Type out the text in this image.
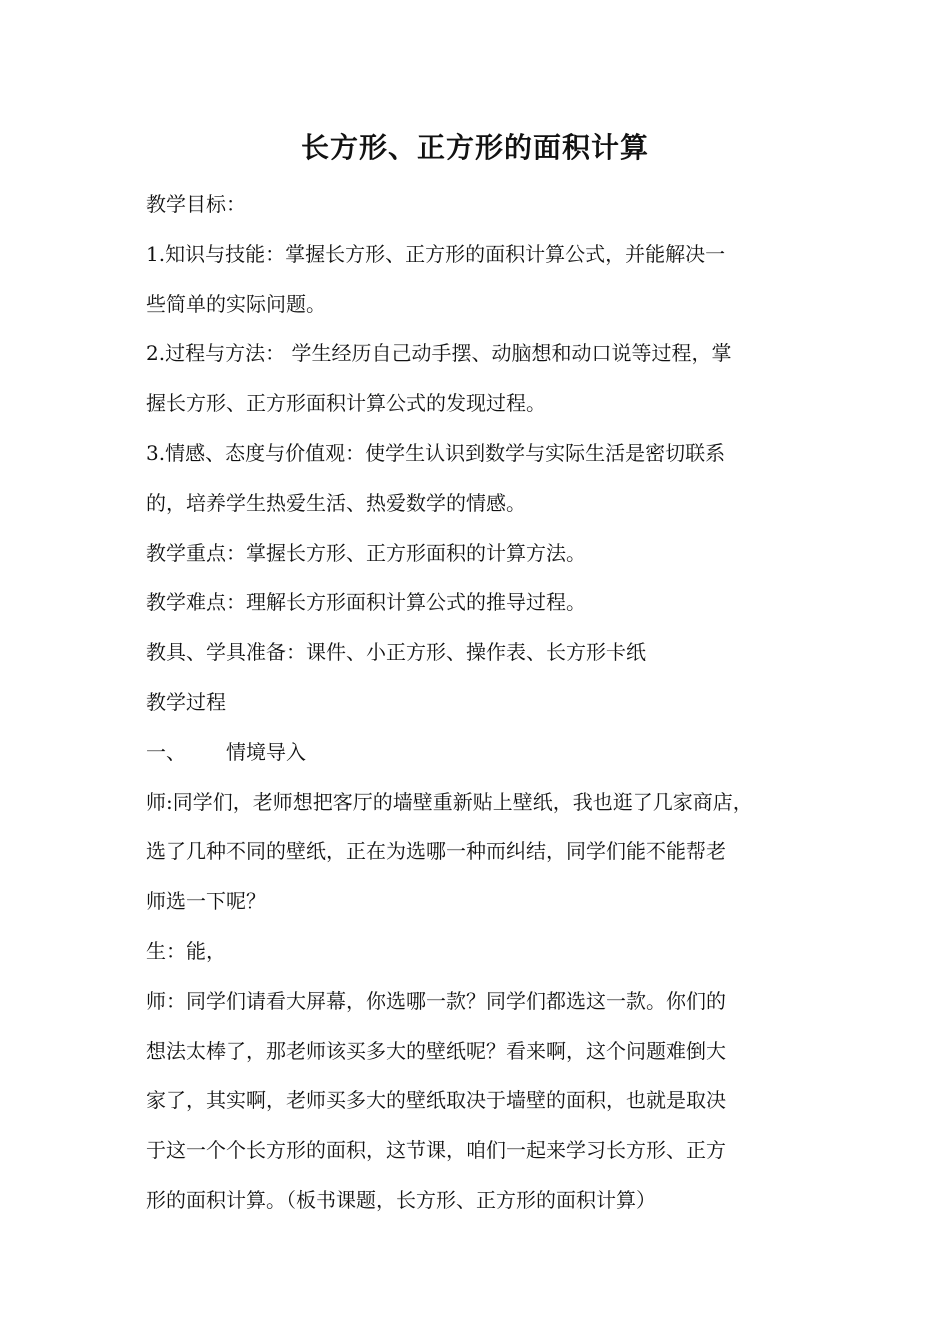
长方形、正方形的面积计算
教学目标：
1.知识与技能：掌握长方形、正方形的面积计算公式，并能解决一
些简单的实际问题。
2.过程与方法： 学生经历自己动手摆、动脑想和动口说等过程，掌
握长方形、正方形面积计算公式的发现过程。
3.情感、态度与价值观：使学生认识到数学与实际生活是密切联系
的，培养学生热爱生活、热爱数学的情感。
教学重点：掌握长方形、正方形面积的计算方法。
教学难点：理解长方形面积计算公式的推导过程。
教具、学具准备：课件、小正方形、操作表、长方形卡纸
教学过程
一、 情境导入
师:同学们，老师想把客厅的墙壁重新贴上壁纸，我也逛了几家商店，
选了几种不同的壁纸，正在为选哪一种而纠结，同学们能不能帮老
师选一下呢？
生：能，
师：同学们请看大屏幕，你选哪一款？同学们都选这一款。你们的
想法太棒了，那老师该买多大的壁纸呢？看来啊，这个问题难倒大
家了，其实啊，老师买多大的壁纸取决于墙壁的面积，也就是取决
于这一个个长方形的面积，这节课，咱们一起来学习长方形、正方
形的面积计算。（板书课题，长方形、正方形的面积计算）
